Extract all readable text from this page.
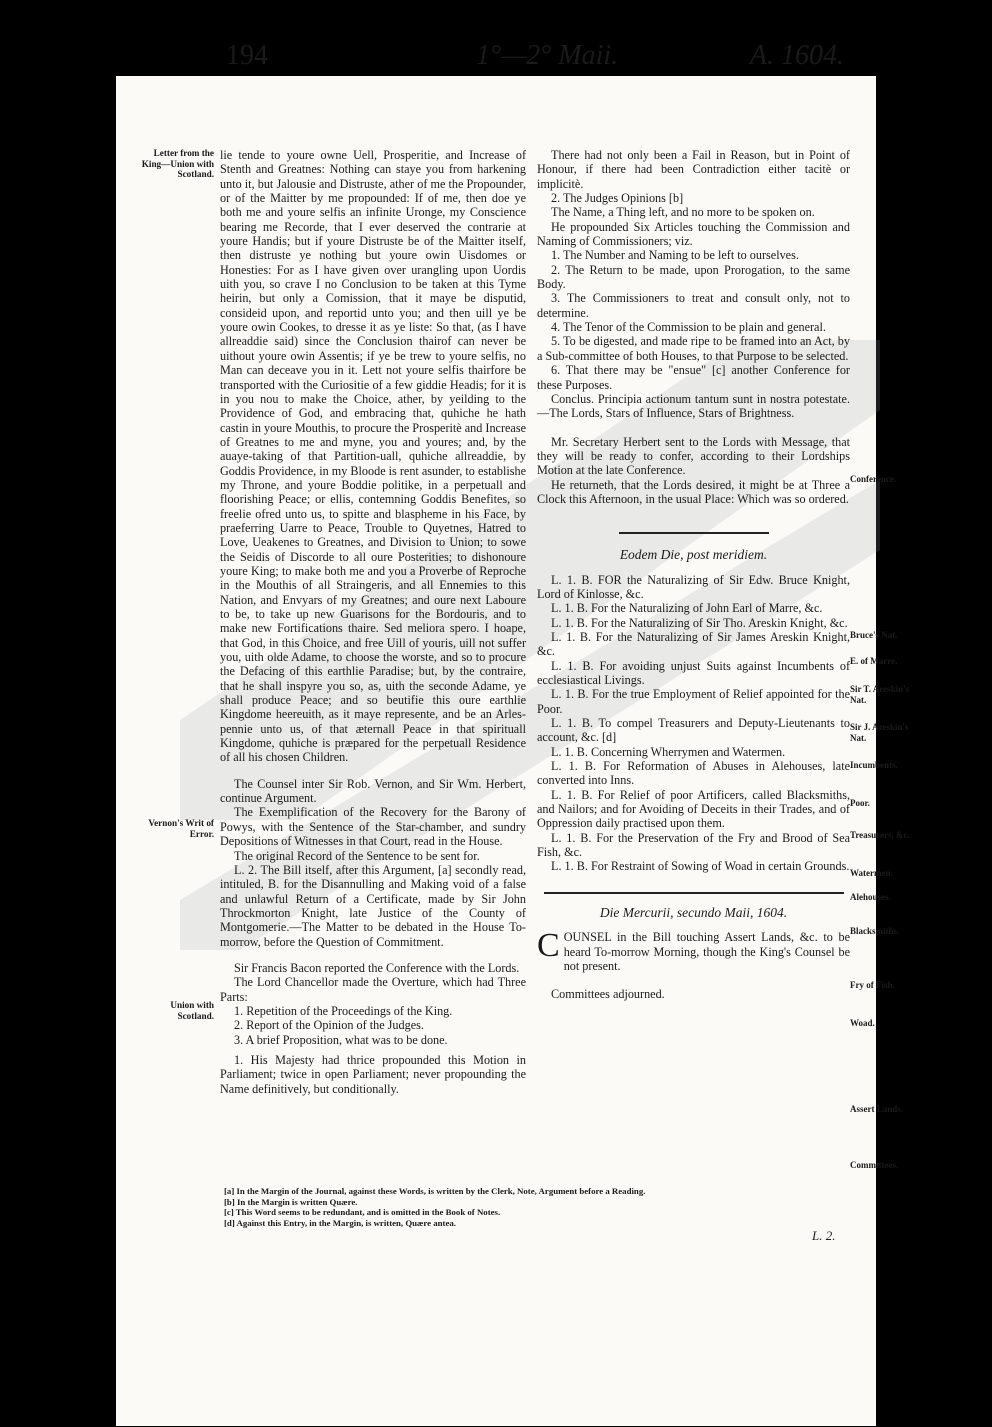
194	1°—2° Maii.	A. 1604.
Letter from the King—Union with Scotland.
Vernon's Writ of Error.
Union with Scotland.

lie tende to youre owne Uell, Prosperitie, and Increase of Stenth and Greatnes: Nothing can staye you from harkening unto it, but Jalousie and Distruste, ather of me the Propounder, or of the Maitter by me propounded: If of me, then doe ye both me and youre selfis an infinite Uronge, my Conscience bearing me Recorde, that I ever deserved the contrarie at youre Handis; but if youre Distruste be of the Maitter itself, then distruste ye nothing but youre owin Uisdomes or Honesties: For as I have given over urangling upon Uordis uith you, so crave I no Conclusion to be taken at this Tyme heirin, but only a Comission, that it maye be disputid, consideid upon, and reportid unto you; and then uill ye be youre owin Cookes, to dresse it as ye liste: So that, (as I have allreaddie said) since the Conclusion thairof can never be uithout youre owin Assentis; if ye be trew to youre selfis, no Man can deceave you in it. Lett not youre selfis thairfore be transported with the Curiositie of a few giddie Headis; for it is in you nou to make the Choice, ather, by yeilding to the Providence of God, and embracing that, quhiche he hath castin in youre Mouthis, to procure the Prosperitè and Increase of Greatnes to me and myne, you and youres; and, by the auaye-taking of that Partition-uall, quhiche allreaddie, by Goddis Providence, in my Bloode is rent asunder, to establishe my Throne, and youre Boddie politike, in a perpetuall and floorishing Peace; or ellis, contemning Goddis Benefites, so freelie ofred unto us, to spitte and blaspheme in his Face, by praeferring Uarre to Peace, Trouble to Quyetnes, Hatred to Love, Ueakenes to Greatnes, and Division to Union; to sowe the Seidis of Discorde to all oure Posterities; to dishonoure youre King; to make both me and you a Proverbe of Reproche in the Mouthis of all Straingeris, and all Ennemies to this Nation, and Envyars of my Greatnes; and oure next Laboure to be, to take up new Guarisons for the Bordouris, and to make new Fortifications thaire. Sed meliora spero. I hoape, that God, in this Choice, and free Uill of youris, uill not suffer you, uith olde Adame, to choose the worste, and so to procure the Defacing of this earthlie Paradise; but, by the contraire, that he shall inspyre you so, as, uith the seconde Adame, ye shall produce Peace; and so beutifie this oure earthlie Kingdome heereuith, as it maye represente, and be an Arles-pennie unto us, of that æternall Peace in that spirituall Kingdome, quhiche is præpared for the perpetuall Residence of all his chosen Children.

The Counsel inter Sir Rob. Vernon, and Sir Wm. Herbert, continue Argument.

The Exemplification of the Recovery for the Barony of Powys, with the Sentence of the Star-chamber, and sundry Depositions of Witnesses in that Court, read in the House.

The original Record of the Sentence to be sent for.

L. 2. The Bill itself, after this Argument, [a] secondly read, intituled, B. for the Disannulling and Making void of a false and unlawful Return of a Certificate, made by Sir John Throckmorton Knight, late Justice of the County of Montgomerie.—The Matter to be debated in the House To-morrow, before the Question of Commitment.

Sir Francis Bacon reported the Conference with the Lords.

The Lord Chancellor made the Overture, which had Three Parts:

1. Repetition of the Proceedings of the King.

2. Report of the Opinion of the Judges.

3. A brief Proposition, what was to be done.

1. His Majesty had thrice propounded this Motion in Parliament; twice in open Parliament; never propounding the Name definitively, but conditionally.

There had not only been a Fail in Reason, but in Point of Honour, if there had been Contradiction either tacitè or implicitè.

2. The Judges Opinions [b]

The Name, a Thing left, and no more to be spoken on.

He propounded Six Articles touching the Commission and Naming of Commissioners; viz.

1. The Number and Naming to be left to ourselves.

2. The Return to be made, upon Prorogation, to the same Body.

3. The Commissioners to treat and consult only, not to determine.

4. The Tenor of the Commission to be plain and general.

5. To be digested, and made ripe to be framed into an Act, by a Sub-committee of both Houses, to that Purpose to be selected.

6. That there may be "ensue" [c] another Conference for these Purposes.

Conclus. Principia actionum tantum sunt in nostra potestate.—The Lords, Stars of Influence, Stars of Brightness.

Mr. Secretary Herbert sent to the Lords with Message, that they will be ready to confer, according to their Lordships Motion at the late Conference.

He returneth, that the Lords desired, it might be at Three a Clock this Afternoon, in the usual Place: Which was so ordered.

Eodem Die, post meridiem.

L. 1. B. FOR the Naturalizing of Sir Edw. Bruce Knight, Lord of Kinlosse, &c.

L. 1. B. For the Naturalizing of John Earl of Marre, &c.

L. 1. B. For the Naturalizing of Sir Tho. Areskin Knight, &c.

L. 1. B. For the Naturalizing of Sir James Areskin Knight, &c.

L. 1. B. For avoiding unjust Suits against Incumbents of ecclesiastical Livings.

L. 1. B. For the true Employment of Relief appointed for the Poor.

L. 1. B. To compel Treasurers and Deputy-Lieutenants to account, &c. [d]

L. 1. B. Concerning Wherrymen and Watermen.

L. 1. B. For Reformation of Abuses in Alehouses, late converted into Inns.

L. 1. B. For Relief of poor Artificers, called Blacksmiths, and Nailors; and for Avoiding of Deceits in their Trades, and of Oppression daily practised upon them.

L. 1. B. For the Preservation of the Fry and Brood of Sea Fish, &c.

L. 1. B. For Restraint of Sowing of Woad in certain Grounds.

Die Mercurii, secundo Maii, 1604.

COUNSEL in the Bill touching Assert Lands, &c. to be heard To-morrow Morning, though the King's Counsel be not present.

Committees adjourned.

Conference.
Bruce's Nat.
E. of Marre.
Sir T. Areskin's Nat.
Sir J. Areskin's Nat.
Incumbents.
Poor.
Treasurers, &c.
Watermen.
Alehouses.
Blacksmiths.
Fry of Fish.
Woad.
Assert Lands.
Committees.
[a] In the Margin of the Journal, against these Words, is written by the Clerk, Note, Argument before a Reading.
[b] In the Margin is written Quære.
[c] This Word seems to be redundant, and is omitted in the Book of Notes.
[d] Against this Entry, in the Margin, is written, Quære antea.
L. 2.
